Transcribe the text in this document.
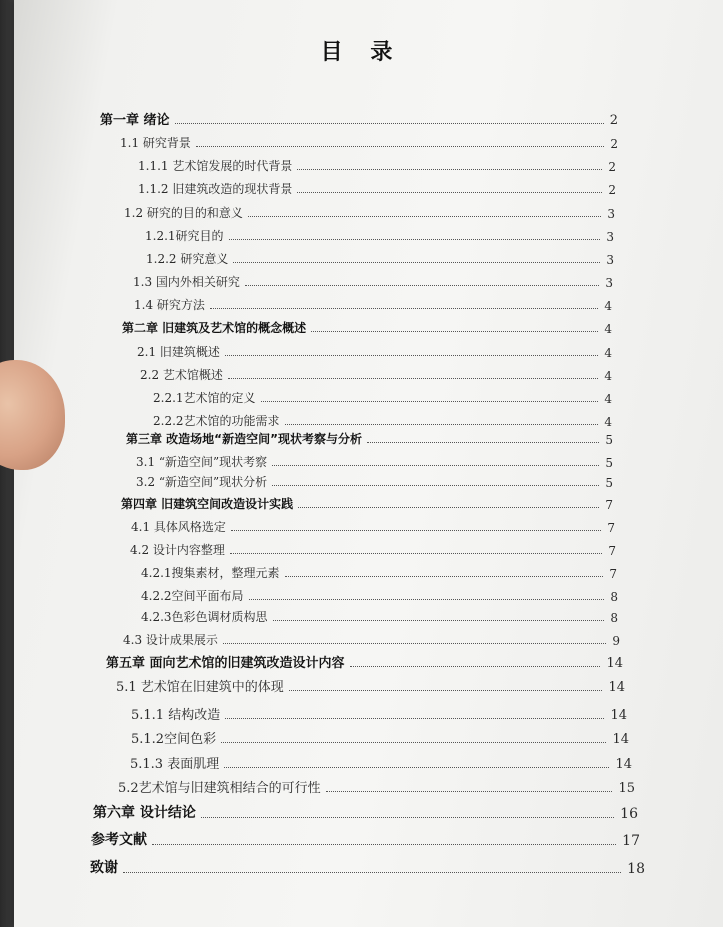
目 录
第一章 绪论	2
1.1 研究背景	2
1.1.1 艺术馆发展的时代背景	2
1.1.2 旧建筑改造的现状背景	2
1.2 研究的目的和意义	3
1.2.1研究目的	3
1.2.2 研究意义	3
1.3 国内外相关研究	3
1.4 研究方法	4
第二章 旧建筑及艺术馆的概念概述	4
2.1 旧建筑概述	4
2.2 艺术馆概述	4
2.2.1艺术馆的定义	4
2.2.2艺术馆的功能需求	4
第三章 改造场地“新造空间”现状考察与分析	5
3.1 “新造空间”现状考察	5
3.2 “新造空间”现状分析	5
第四章 旧建筑空间改造设计实践	7
4.1 具体风格选定	7
4.2 设计内容整理	7
4.2.1搜集素材，整理元素	7
4.2.2空间平面布局	8
4.2.3色彩色调材质构思	8
4.3 设计成果展示	9
第五章 面向艺术馆的旧建筑改造设计内容	14
5.1 艺术馆在旧建筑中的体现	14
5.1.1 结构改造	14
5.1.2空间色彩	14
5.1.3 表面肌理	14
5.2艺术馆与旧建筑相结合的可行性	15
第六章 设计结论	16
参考文献	17
致谢	18
